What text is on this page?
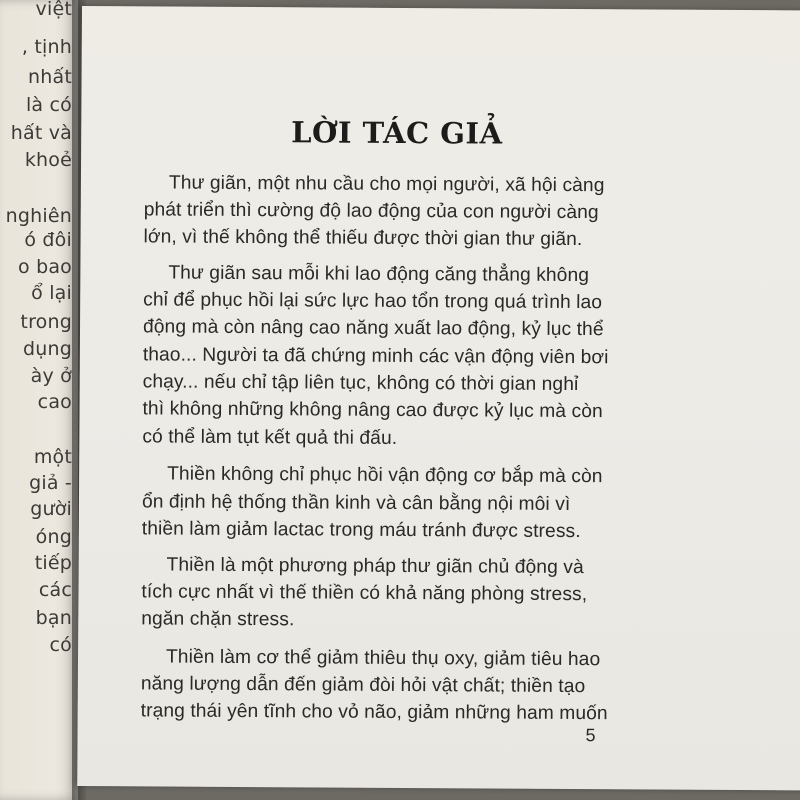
việt
, tịnh
nhất
là có
hất và
khoẻ
nghiên
ó đôi
o bao
ổ lại
trong
dụng
ày ở
cao
một
giả -
gười
óng
tiếp
các
bạn
có
LỜI TÁC GIẢ
Thư giãn, một nhu cầu cho mọi người, xã hội càng
phát triển thì cường độ lao động của con người càng
lớn, vì thế không thể thiếu được thời gian thư giãn.
Thư giãn sau mỗi khi lao động căng thẳng không
chỉ để phục hồi lại sức lực hao tổn trong quá trình lao
động mà còn nâng cao năng xuất lao động, kỷ lục thể
thao... Người ta đã chứng minh các vận động viên bơi
chạy... nếu chỉ tập liên tục, không có thời gian nghỉ
thì không những không nâng cao được kỷ lục mà còn
có thể làm tụt kết quả thi đấu.
Thiền không chỉ phục hồi vận động cơ bắp mà còn
ổn định hệ thống thần kinh và cân bằng nội môi vì
thiền làm giảm lactac trong máu tránh được stress.
Thiền là một phương pháp thư giãn chủ động và
tích cực nhất vì thế thiền có khả năng phòng stress,
ngăn chặn stress.
Thiền làm cơ thể giảm thiêu thụ oxy, giảm tiêu hao
năng lượng dẫn đến giảm đòi hỏi vật chất; thiền tạo
trạng thái yên tĩnh cho vỏ não, giảm những ham muốn
5
